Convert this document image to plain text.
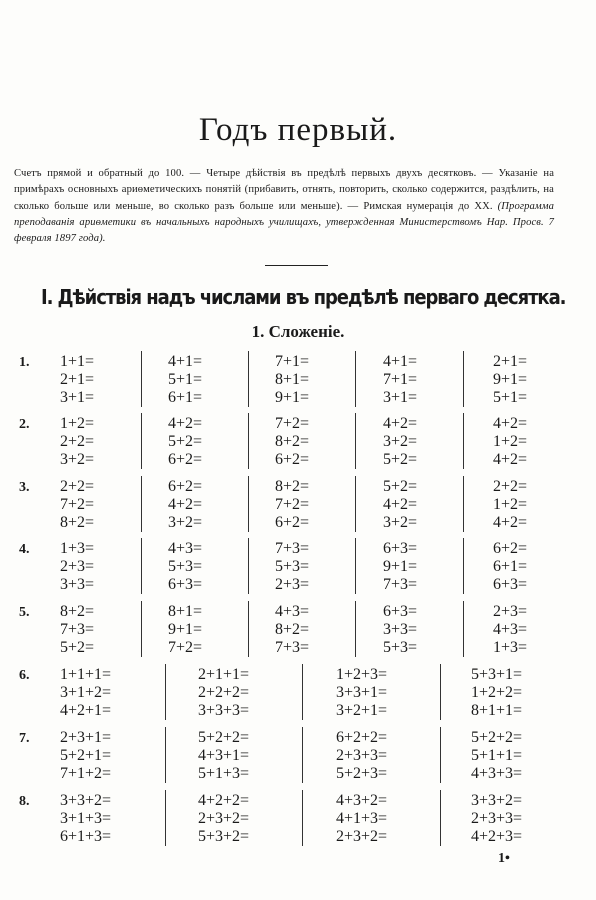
Годъ первый.
Счетъ прямой и обратный до 100. — Четыре дѣйствія въ предѣлѣ первыхъ двухъ десятковъ. — Указаніе на примѣрахъ основныхъ ариѳметическихъ понятій (прибавить, отнять, повторить, сколько содержится, раздѣлить, на сколько больше или меньше, во сколько разъ больше или меньше). — Римская нумерація до XX. (Программа преподаванія ариѳметики въ начальныхъ народныхъ училищахъ, утвержденная Министерствомъ Нар. Просв. 7 февраля 1897 года).
I. Дѣйствія надъ числами въ предѣлѣ перваго десятка.
1. Сложеніе.
1. 1+1=
2+1=
3+1=
4+1=
5+1=
6+1=
7+1=
8+1=
9+1=
4+1=
7+1=
3+1=
2+1=
9+1=
5+1=
2. 1+2=
2+2=
3+2=
4+2=
5+2=
6+2=
7+2=
8+2=
6+2=
4+2=
3+2=
5+2=
4+2=
1+2=
4+2=
3. 2+2=
7+2=
8+2=
6+2=
4+2=
3+2=
8+2=
7+2=
6+2=
5+2=
4+2=
3+2=
2+2=
1+2=
4+2=
4. 1+3=
2+3=
3+3=
4+3=
5+3=
6+3=
7+3=
5+3=
2+3=
6+3=
9+1=
7+3=
6+2=
6+1=
6+3=
5. 8+2=
7+3=
5+2=
8+1=
9+1=
7+2=
4+3=
8+2=
7+3=
6+3=
3+3=
5+3=
2+3=
4+3=
1+3=
6. 1+1+1=
3+1+2=
4+2+1=
2+1+1=
2+2+2=
3+3+3=
1+2+3=
3+3+1=
3+2+1=
5+3+1=
1+2+2=
8+1+1=
7. 2+3+1=
5+2+1=
7+1+2=
5+2+2=
4+3+1=
5+1+3=
6+2+2=
2+3+3=
5+2+3=
5+2+2=
5+1+1=
4+3+3=
8. 3+3+2=
3+1+3=
6+1+3=
4+2+2=
2+3+2=
5+3+2=
4+3+2=
4+1+3=
2+3+2=
3+3+2=
2+3+3=
4+2+3=
1•
